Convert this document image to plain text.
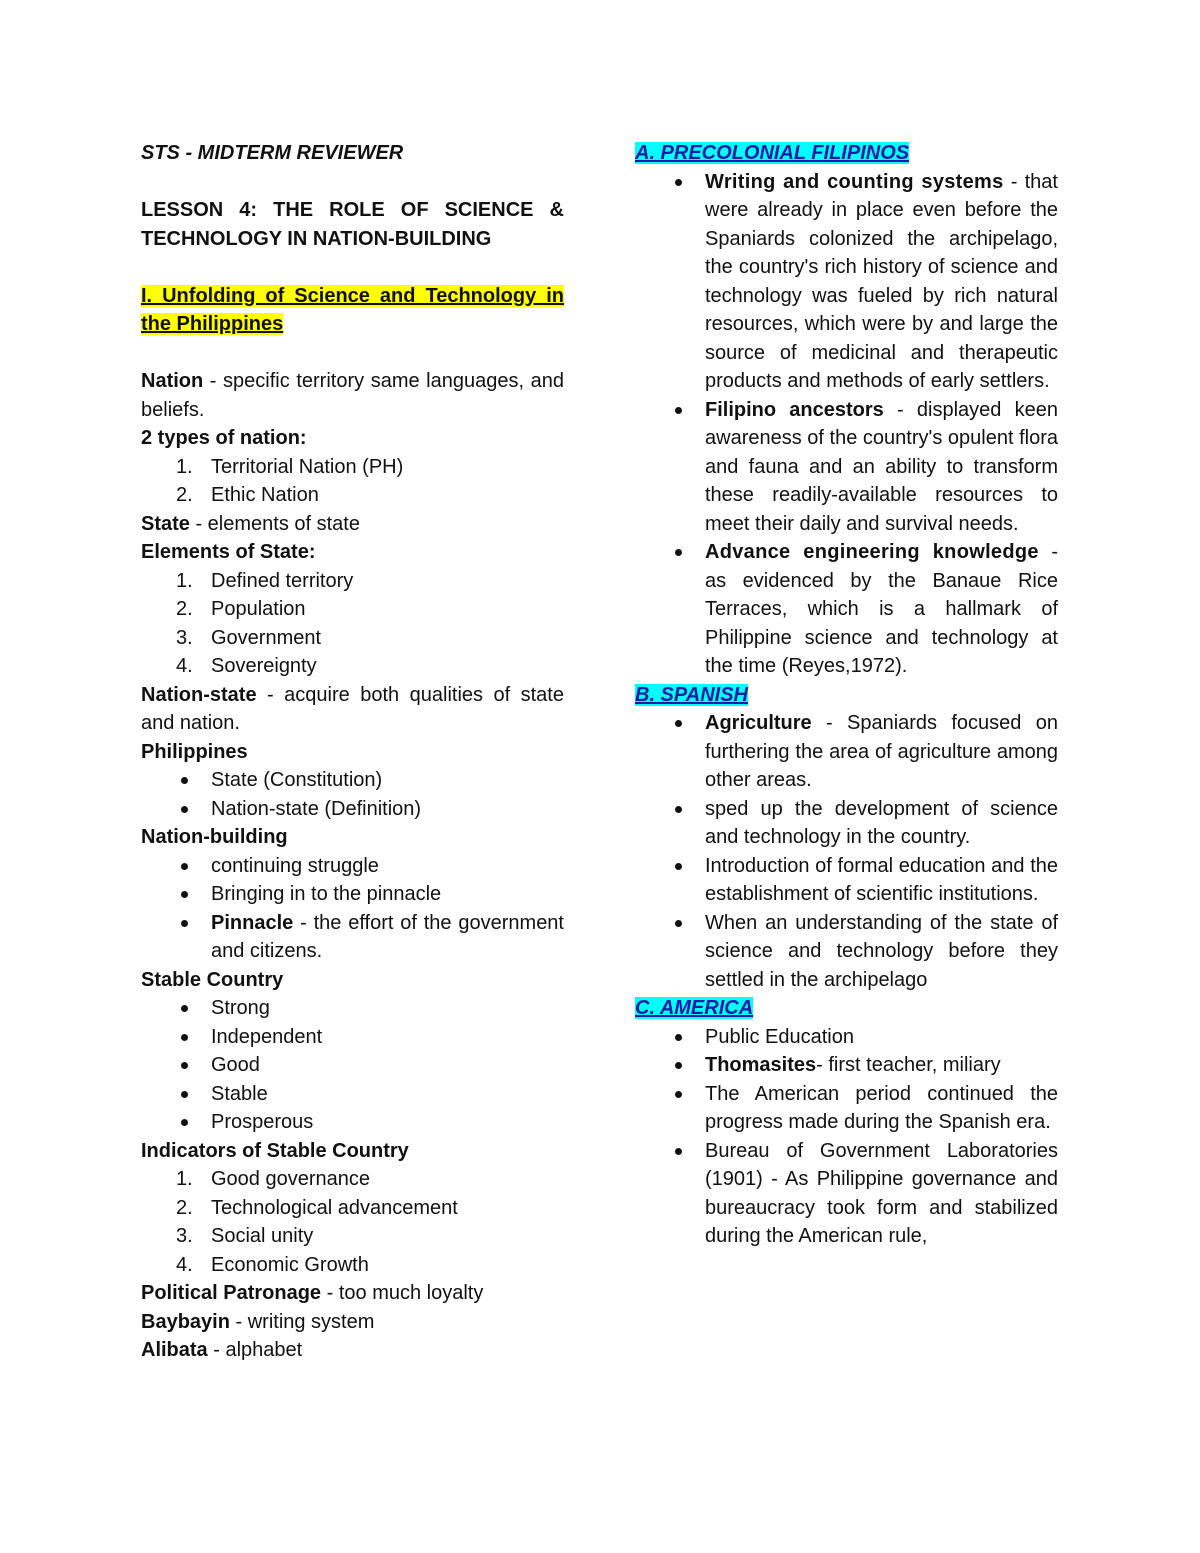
STS - MIDTERM REVIEWER

LESSON 4: THE ROLE OF SCIENCE & TECHNOLOGY IN NATION-BUILDING

I. Unfolding of Science and Technology in the Philippines

Nation - specific territory same languages, and beliefs.

2 types of nation:

1. Territorial Nation (PH)
2. Ethic Nation

State - elements of state

Elements of State:

1. Defined territory
2. Population
3. Government
4. Sovereignty

Nation-state - acquire both qualities of state and nation.

Philippines

State (Constitution)
Nation-state (Definition)

Nation-building

continuing struggle
Bringing in to the pinnacle
Pinnacle - the effort of the government and citizens.

Stable Country

Strong
Independent
Good
Stable
Prosperous

Indicators of Stable Country

1. Good governance
2. Technological advancement
3. Social unity
4. Economic Growth

Political Patronage - too much loyalty

Baybayin - writing system

Alibata - alphabet

A. PRECOLONIAL FILIPINOS

Writing and counting systems - that were already in place even before the Spaniards colonized the archipelago, the country's rich history of science and technology was fueled by rich natural resources, which were by and large the source of medicinal and therapeutic products and methods of early settlers.
Filipino ancestors - displayed keen awareness of the country's opulent flora and fauna and an ability to transform these readily-available resources to meet their daily and survival needs.
Advance engineering knowledge - as evidenced by the Banaue Rice Terraces, which is a hallmark of Philippine science and technology at the time (Reyes,1972).

B. SPANISH

Agriculture - Spaniards focused on furthering the area of agriculture among other areas.
sped up the development of science and technology in the country.
Introduction of formal education and the establishment of scientific institutions.
When an understanding of the state of science and technology before they settled in the archipelago

C. AMERICA

Public Education
Thomasites- first teacher, miliary
The American period continued the progress made during the Spanish era.
Bureau of Government Laboratories (1901) - As Philippine governance and bureaucracy took form and stabilized during the American rule,
